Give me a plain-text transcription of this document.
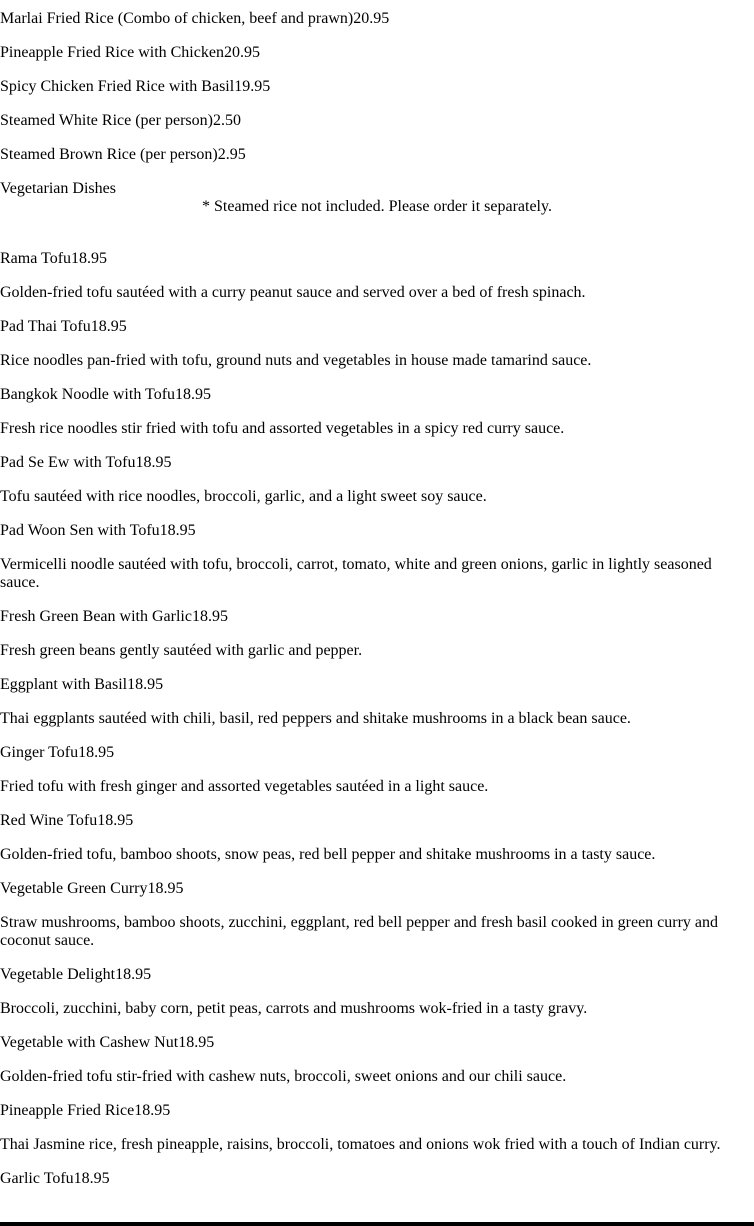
Marlai Fried Rice (Combo of chicken, beef and prawn)20.95
Pineapple Fried Rice with Chicken20.95
Spicy Chicken Fried Rice with Basil19.95
Steamed White Rice (per person)2.50
Steamed Brown Rice (per person)2.95
Vegetarian Dishes
* Steamed rice not included. Please order it separately.
Rama Tofu18.95
Golden-fried tofu sautéed with a curry peanut sauce and served over a bed of fresh spinach.
Pad Thai Tofu18.95
Rice noodles pan-fried with tofu, ground nuts and vegetables in house made tamarind sauce.
Bangkok Noodle with Tofu18.95
Fresh rice noodles stir fried with tofu and assorted vegetables in a spicy red curry sauce.
Pad Se Ew with Tofu18.95
Tofu sautéed with rice noodles, broccoli, garlic, and a light sweet soy sauce.
Pad Woon Sen with Tofu18.95
Vermicelli noodle sautéed with tofu, broccoli, carrot, tomato, white and green onions, garlic in lightly seasoned sauce.
Fresh Green Bean with Garlic18.95
Fresh green beans gently sautéed with garlic and pepper.
Eggplant with Basil18.95
Thai eggplants sautéed with chili, basil, red peppers and shitake mushrooms in a black bean sauce.
Ginger Tofu18.95
Fried tofu with fresh ginger and assorted vegetables sautéed in a light sauce.
Red Wine Tofu18.95
Golden-fried tofu, bamboo shoots, snow peas, red bell pepper and shitake mushrooms in a tasty sauce.
Vegetable Green Curry18.95
Straw mushrooms, bamboo shoots, zucchini, eggplant, red bell pepper and fresh basil cooked in green curry and coconut sauce.
Vegetable Delight18.95
Broccoli, zucchini, baby corn, petit peas, carrots and mushrooms wok-fried in a tasty gravy.
Vegetable with Cashew Nut18.95
Golden-fried tofu stir-fried with cashew nuts, broccoli, sweet onions and our chili sauce.
Pineapple Fried Rice18.95
Thai Jasmine rice, fresh pineapple, raisins, broccoli, tomatoes and onions wok fried with a touch of Indian curry.
Garlic Tofu18.95
